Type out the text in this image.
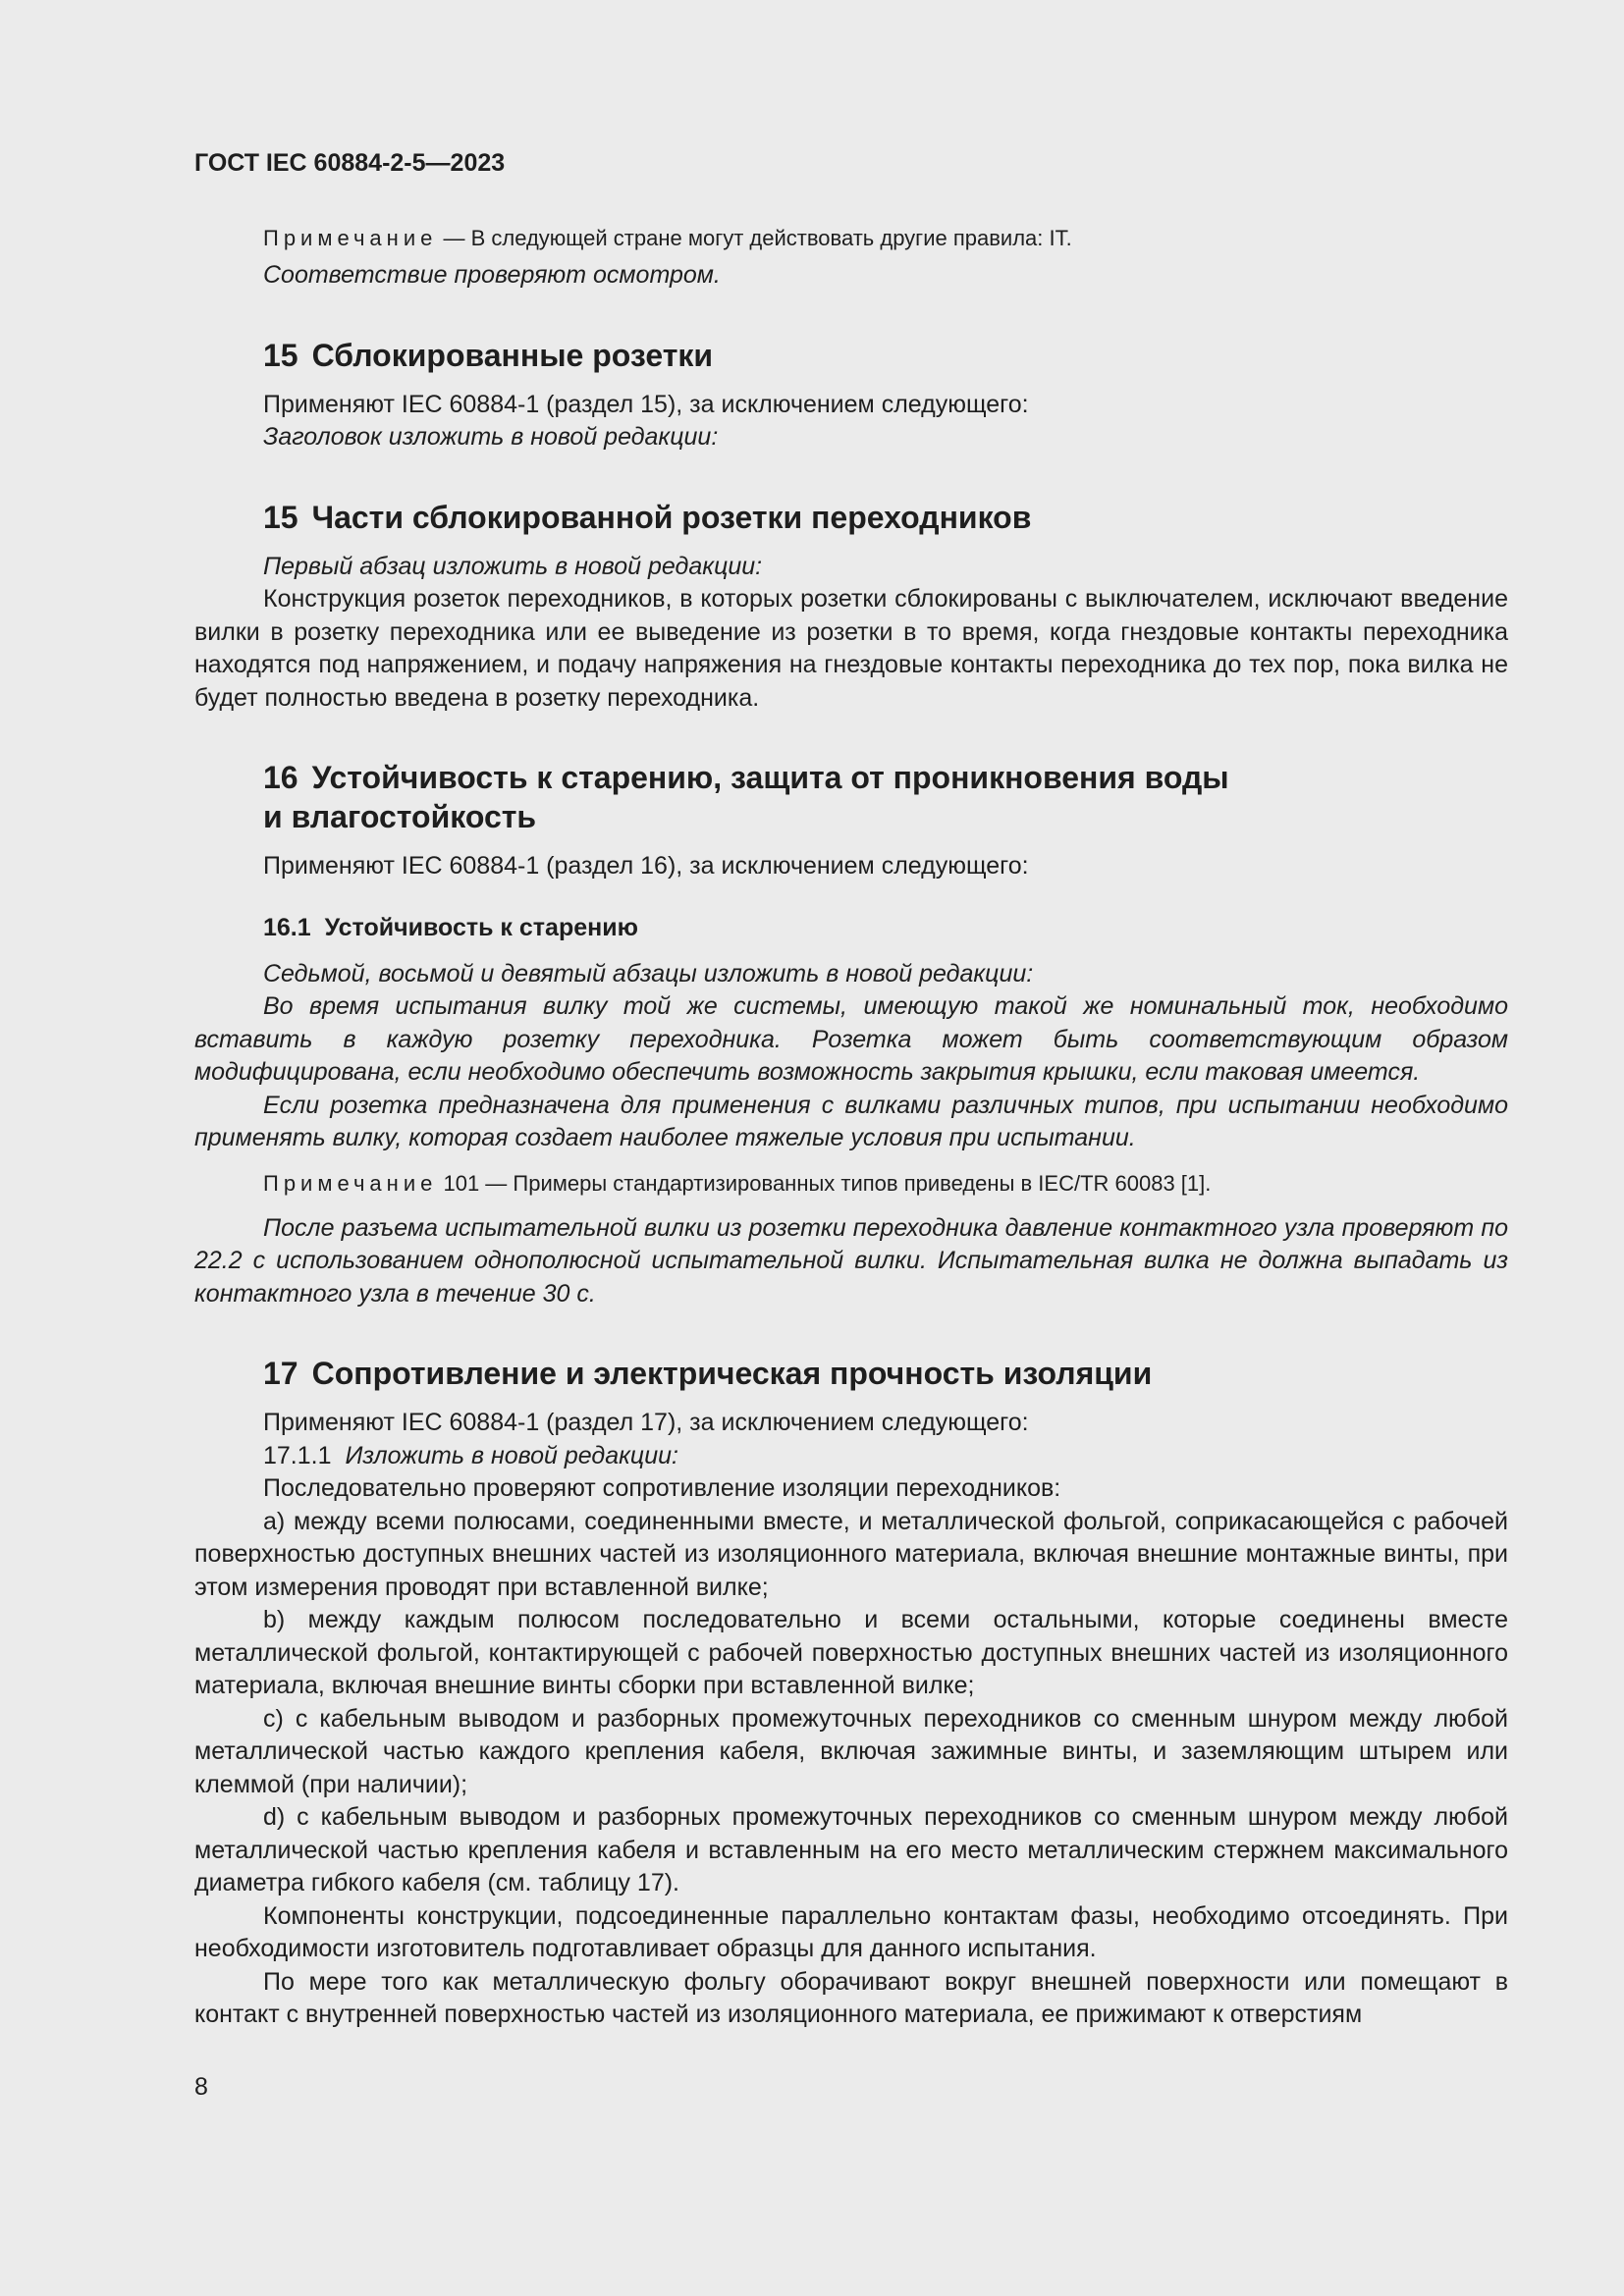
ГОСТ IEC 60884-2-5—2023

Примечание — В следующей стране могут действовать другие правила: IT.

Соответствие проверяют осмотром.

15 Сблокированные розетки

Применяют IEC 60884-1 (раздел 15), за исключением следующего:

Заголовок изложить в новой редакции:

15 Части сблокированной розетки переходников

Первый абзац изложить в новой редакции:

Конструкция розеток переходников, в которых розетки сблокированы с выключателем, исключают введение вилки в розетку переходника или ее выведение из розетки в то время, когда гнездовые контакты переходника находятся под напряжением, и подачу напряжения на гнездовые контакты переходника до тех пор, пока вилка не будет полностью введена в розетку переходника.

16 Устойчивость к старению, защита от проникновения воды
и влагостойкость

Применяют IEC 60884-1 (раздел 16), за исключением следующего:

16.1 Устойчивость к старению

Седьмой, восьмой и девятый абзацы изложить в новой редакции:

Во время испытания вилку той же системы, имеющую такой же номинальный ток, необходимо вставить в каждую розетку переходника. Розетка может быть соответствующим образом модифицирована, если необходимо обеспечить возможность закрытия крышки, если таковая имеется.

Если розетка предназначена для применения с вилками различных типов, при испытании необходимо применять вилку, которая создает наиболее тяжелые условия при испытании.

Примечание 101 — Примеры стандартизированных типов приведены в IEC/TR 60083 [1].

После разъема испытательной вилки из розетки переходника давление контактного узла проверяют по 22.2 с использованием однополюсной испытательной вилки. Испытательная вилка не должна выпадать из контактного узла в течение 30 с.

17 Сопротивление и электрическая прочность изоляции

Применяют IEC 60884-1 (раздел 17), за исключением следующего:

17.1.1 Изложить в новой редакции:

Последовательно проверяют сопротивление изоляции переходников:

а) между всеми полюсами, соединенными вместе, и металлической фольгой, соприкасающейся с рабочей поверхностью доступных внешних частей из изоляционного материала, включая внешние монтажные винты, при этом измерения проводят при вставленной вилке;

b) между каждым полюсом последовательно и всеми остальными, которые соединены вместе металлической фольгой, контактирующей с рабочей поверхностью доступных внешних частей из изоляционного материала, включая внешние винты сборки при вставленной вилке;

c) с кабельным выводом и разборных промежуточных переходников со сменным шнуром между любой металлической частью каждого крепления кабеля, включая зажимные винты, и заземляющим штырем или клеммой (при наличии);

d) с кабельным выводом и разборных промежуточных переходников со сменным шнуром между любой металлической частью крепления кабеля и вставленным на его место металлическим стержнем максимального диаметра гибкого кабеля (см. таблицу 17).

Компоненты конструкции, подсоединенные параллельно контактам фазы, необходимо отсоединять. При необходимости изготовитель подготавливает образцы для данного испытания.

По мере того как металлическую фольгу оборачивают вокруг внешней поверхности или помещают в контакт с внутренней поверхностью частей из изоляционного материала, ее прижимают к отверстиям

8
